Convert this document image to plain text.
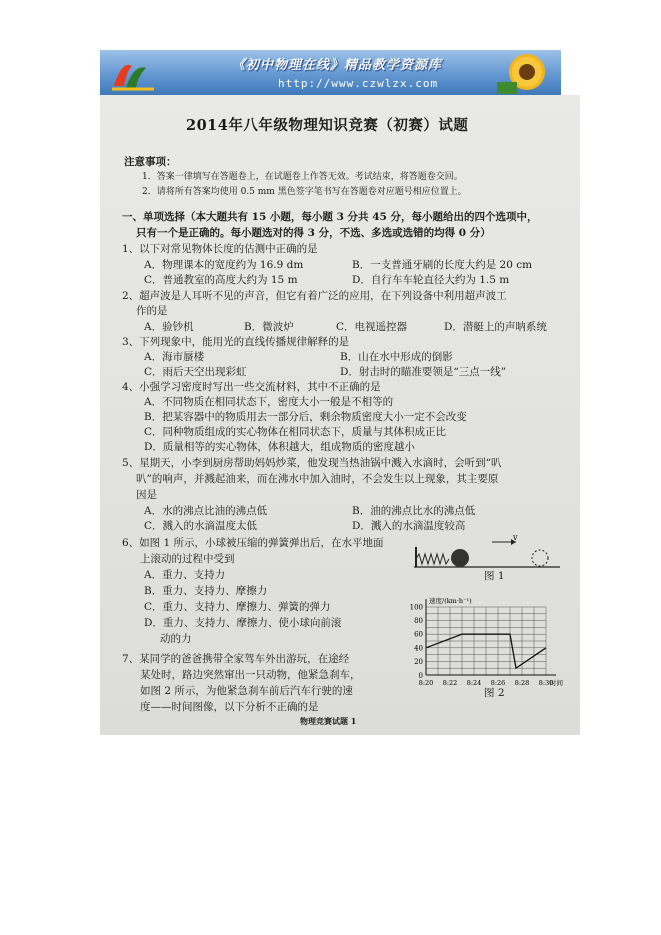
《初中物理在线》精品教学资源库
http://www.czwlzx.com
2014年八年级物理知识竞赛（初赛）试题
注意事项：
1．答案一律填写在答题卷上，在试题卷上作答无效。考试结束，将答题卷交回。
2．请将所有答案均使用 0.5 mm 黑色签字笔书写在答题卷对应题号相应位置上。
一、单项选择（本大题共有 15 小题，每小题 3 分共 45 分，每小题给出的四个选项中，
只有一个是正确的。每小题选对的得 3 分，不选、多选或选错的均得 0 分）
1、以下对常见物体长度的估测中正确的是
A．物理课本的宽度约为 16.9 dm	B．一支普通牙刷的长度大约是 20 cm
C．普通教室的高度大约为 15 m	D．自行车车轮直径大约为 1.5 m
2、超声波是人耳听不见的声音，但它有着广泛的应用，在下列设备中利用超声波工
作的是
A．验钞机	B．微波炉	C．电视遥控器	D．潜艇上的声呐系统
3、下列现象中，能用光的直线传播规律解释的是
A．海市蜃楼	B．山在水中形成的倒影
C．雨后天空出现彩虹	D．射击时的瞄准要领是“三点一线”
4、小强学习密度时写出一些交流材料，其中不正确的是
A．不同物质在相同状态下，密度大小一般是不相等的
B．把某容器中的物质用去一部分后，剩余物质密度大小一定不会改变
C．同种物质组成的实心物体在相同状态下，质量与其体积成正比
D．质量相等的实心物体，体积越大，组成物质的密度越小
5、星期天，小李到厨房帮助妈妈炒菜，他发现当热油锅中溅入水滴时，会听到“叭
叭”的响声，并溅起油来，而在沸水中加入油时，不会发生以上现象，其主要原
因是
A．水的沸点比油的沸点低	B．油的沸点比水的沸点低
C．溅入的水滴温度太低	D．溅入的水滴温度较高
6、如图 1 所示，小球被压缩的弹簧弹出后，在水平地面
上滚动的过程中受到
A．重力、支持力
B．重力、支持力、摩擦力
C．重力、支持力、摩擦力、弹簧的弹力
D．重力、支持力、摩擦力、使小球向前滚
动的力
7、某同学的爸爸携带全家驾车外出游玩，在途经
某处时，路边突然窜出一只动物，他紧急刹车，
如图 2 所示，为他紧急刹车前后汽车行驶的速
度——时间图像，以下分析不正确的是
v
图 1
100
80
60
40
20
0
8:20 8:22 8:24 8:26 8:28 8:30
时间
速度/(km·h⁻¹)
图 2
物理竞赛试题 1
